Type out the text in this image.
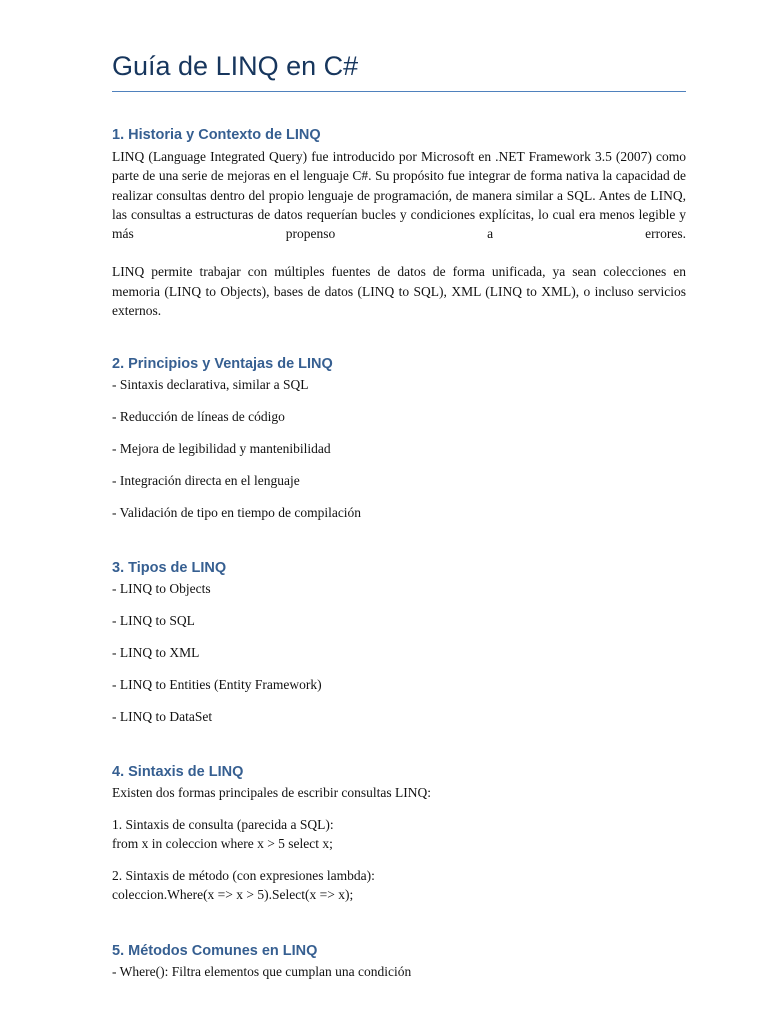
Guía de LINQ en C#
1. Historia y Contexto de LINQ

LINQ (Language Integrated Query) fue introducido por Microsoft en .NET Framework 3.5 (2007) como parte de una serie de mejoras en el lenguaje C#. Su propósito fue integrar de forma nativa la capacidad de realizar consultas dentro del propio lenguaje de programación, de manera similar a SQL. Antes de LINQ, las consultas a estructuras de datos requerían bucles y condiciones explícitas, lo cual era menos legible y más propenso a errores.

LINQ permite trabajar con múltiples fuentes de datos de forma unificada, ya sean colecciones en memoria (LINQ to Objects), bases de datos (LINQ to SQL), XML (LINQ to XML), o incluso servicios externos.

2. Principios y Ventajas de LINQ

- Sintaxis declarativa, similar a SQL

- Reducción de líneas de código

- Mejora de legibilidad y mantenibilidad

- Integración directa en el lenguaje

- Validación de tipo en tiempo de compilación

3. Tipos de LINQ

- LINQ to Objects

- LINQ to SQL

- LINQ to XML

- LINQ to Entities (Entity Framework)

- LINQ to DataSet

4. Sintaxis de LINQ

Existen dos formas principales de escribir consultas LINQ:

1. Sintaxis de consulta (parecida a SQL):

from x in coleccion where x > 5 select x;

2. Sintaxis de método (con expresiones lambda):

coleccion.Where(x => x > 5).Select(x => x);

5. Métodos Comunes en LINQ

- Where(): Filtra elementos que cumplan una condición
